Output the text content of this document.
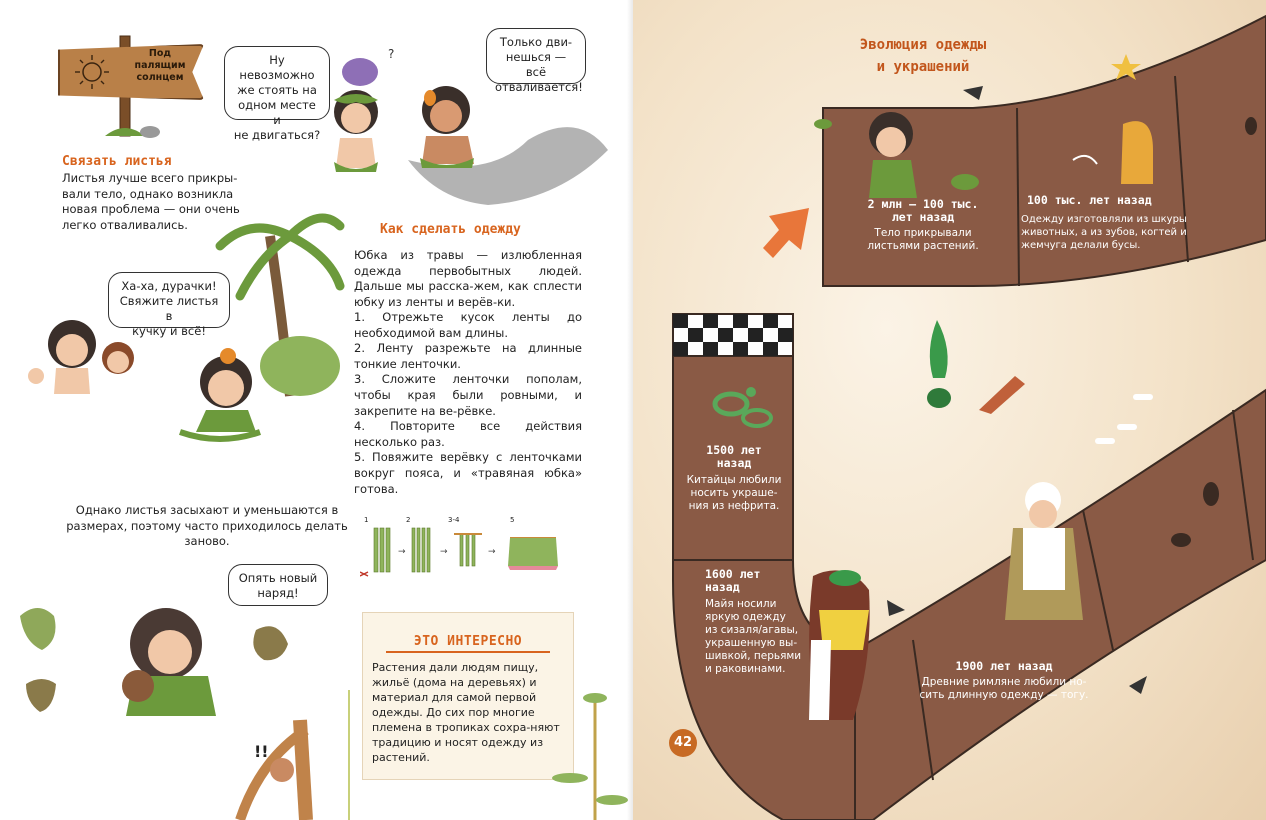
Под
палящим
солнцем
Ну невозможно
же стоять на
одном месте и
не двигаться?
Только дви-
нешься — всё
отваливается!
?
Связать листья
Листья лучше всего прикры-
вали тело, однако возникла
новая проблема — они очень
легко отваливались.
Ха-ха, дурачки!
Свяжите листья в
кучку и всё!
Как сделать одежду
Юбка из травы — излюбленная одежда первобытных людей. Дальше мы расска-жем, как сплести юбку из ленты и верёв-ки.
1. Отрежьте кусок ленты до необходимой вам длины.
2. Ленту разрежьте на длинные тонкие ленточки.
3. Сложите ленточки пополам, чтобы края были ровными, и закрепите на ве-рёвке.
4. Повторите все действия несколько раз.
5. Повяжите верёвку с ленточками вокруг пояса, и «травяная юбка» готова.
1	2	3-4	5
→	→	→
Однако листья засыхают и уменьшаются в
размерах, поэтому часто приходилось делать
заново.
Опять новый
наряд!
!!
ЭТО ИНТЕРЕСНО
Растения дали людям пищу, жильё (дома на деревьях) и материал для самой первой одежды. До сих пор многие племена в тропиках сохра-няют традицию и носят одежду из растений.
Эволюция одежды
и украшений
2 млн – 100 тыс.
лет назад
Тело прикрывали
листьями растений.
100 тыс. лет назад
Одежду изготовляли из шкуры
животных, а из зубов, когтей и
жемчуга делали бусы.
1500 лет
назад
Китайцы любили
носить украше-
ния из нефрита.
1600 лет
назад
Майя носили
яркую одежду
из сизаля/агавы,
украшенную вы-
шивкой, перьями
и раковинами.	1900 лет назад
Древние римляне любили но-
сить длинную одежду — тогу.
42
